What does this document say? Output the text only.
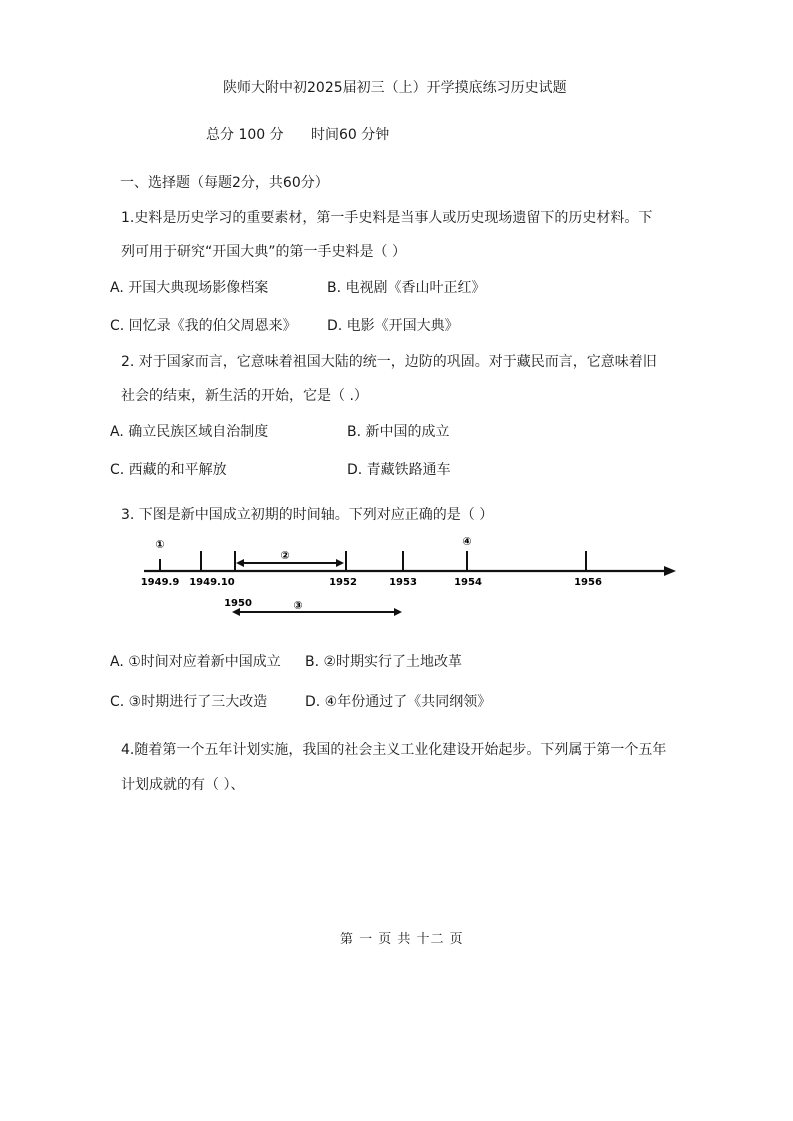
陕师大附中初2025届初三（上）开学摸底练习历史试题
总分 100 分 时间60 分钟
一、选择题（每题2分，共60分）
1.史料是历史学习的重要素材，第一手史料是当事人或历史现场遗留下的历史材料。下
列可用于研究“开国大典”的第一手史料是（ ）
A. 开国大典现场影像档案	B. 电视剧《香山叶正红》
C. 回忆录《我的伯父周恩来》 D. 电影《开国大典》
2. 对于国家而言，它意味着祖国大陆的统一，边防的巩固。对于藏民而言，它意味着旧
社会的结束，新生活的开始，它是（ .）
A. 确立民族区域自治制度	B. 新中国的成立
C. 西藏的和平解放	D. 青藏铁路通车
3. 下图是新中国成立初期的时间轴。下列对应正确的是（ ）
1949.9 1949.10	1952	1953	1954	1956
①
②
④
1950	③
A. ①时间对应着新中国成立 B. ②时期实行了土地改革
C. ③时期进行了三大改造	D. ④年份通过了《共同纲领》
4.随着第一个五年计划实施，我国的社会主义工业化建设开始起步。下列属于第一个五年
计划成就的有（ ）、
第 一 页 共 十二 页
